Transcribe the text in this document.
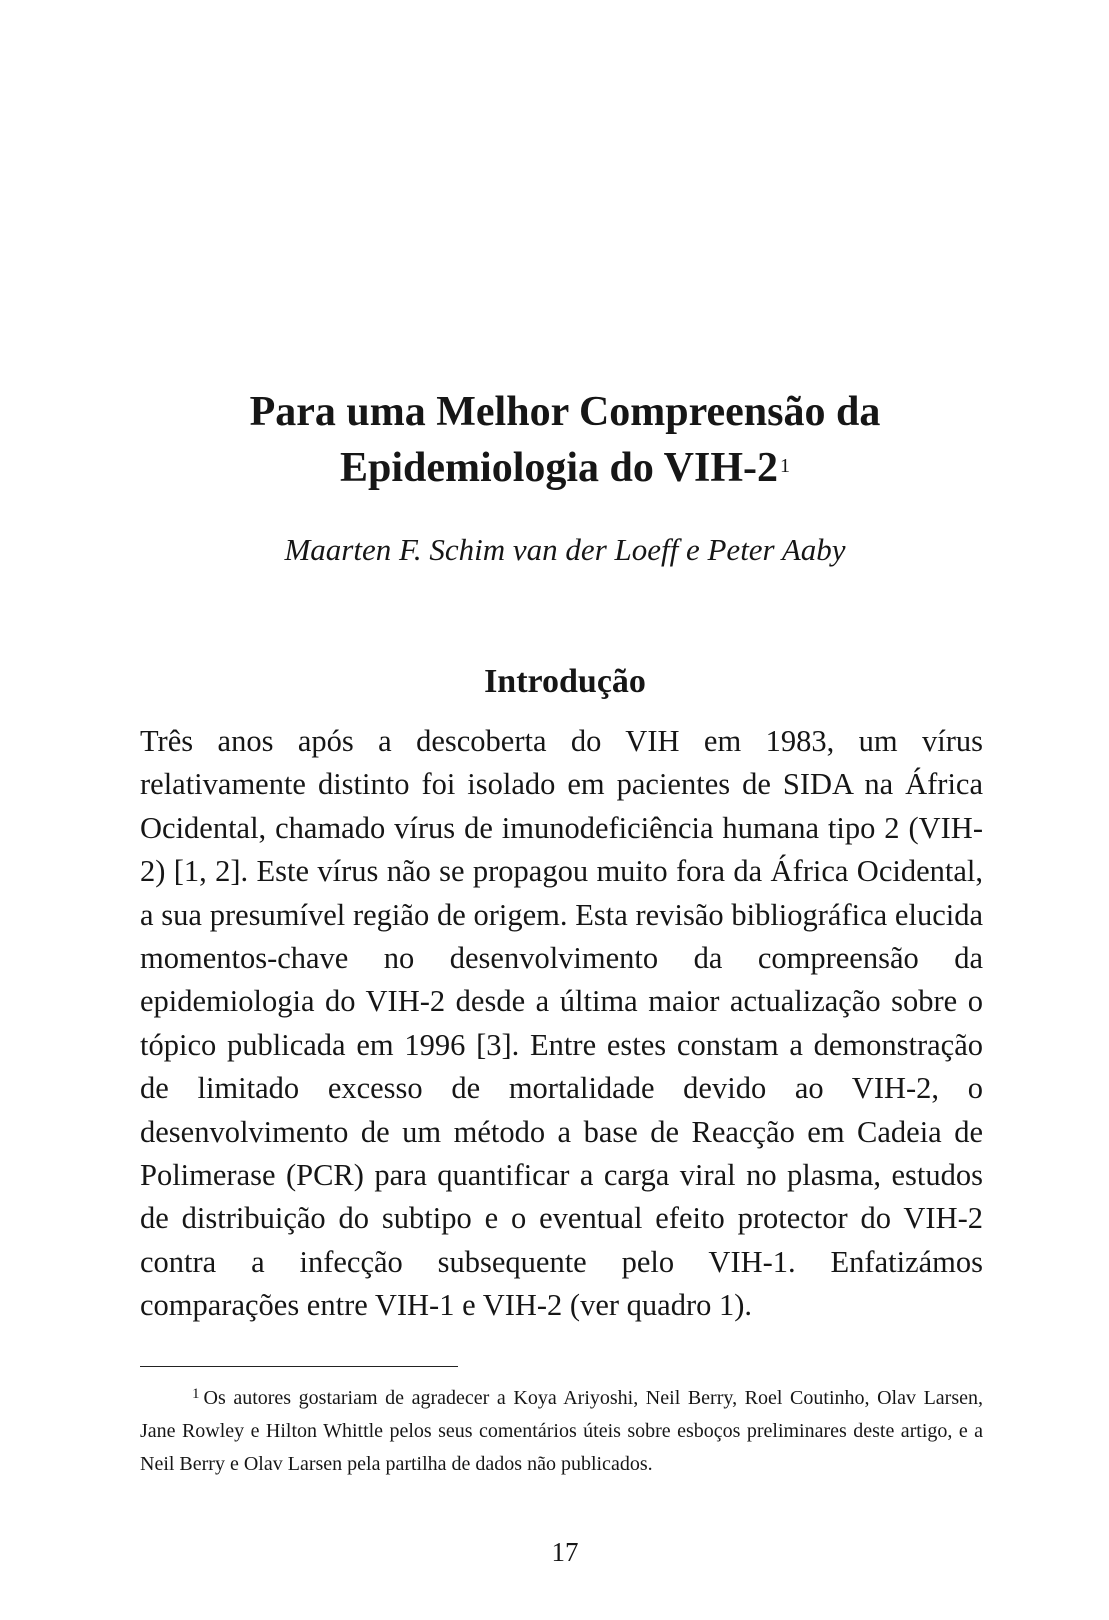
Para uma Melhor Compreensão da
Epidemiologia do VIH-2 $^1$

Maarten F. Schim van der Loeff e Peter Aaby

Introdução

Três anos após a descoberta do VIH em 1983, um vírus relativamente distinto foi isolado em pacientes de SIDA na África Ocidental, chamado vírus de imunodeficiência humana tipo 2 (VIH-2) [1, 2]. Este vírus não se propagou muito fora da África Ocidental, a sua presumível região de origem. Esta revisão bibliográfica elucida momentos-chave no desenvolvimento da compreensão da epidemiologia do VIH-2 desde a última maior actualização sobre o tópico publicada em 1996 [3]. Entre estes constam a demonstração de limitado excesso de mortalidade devido ao VIH-2, o desenvolvimento de um método a base de Reacção em Cadeia de Polimerase (PCR) para quantificar a carga viral no plasma, estudos de distribuição do subtipo e o eventual efeito protector do VIH-2 contra a infecção subsequente pelo VIH-1. Enfatizámos comparações entre VIH-1 e VIH-2 (ver quadro 1).

$^1$ Os autores gostariam de agradecer a Koya Ariyoshi, Neil Berry, Roel Coutinho, Olav Larsen, Jane Rowley e Hilton Whittle pelos seus comentários úteis sobre esboços preliminares deste artigo, e a Neil Berry e Olav Larsen pela partilha de dados não publicados.

17
